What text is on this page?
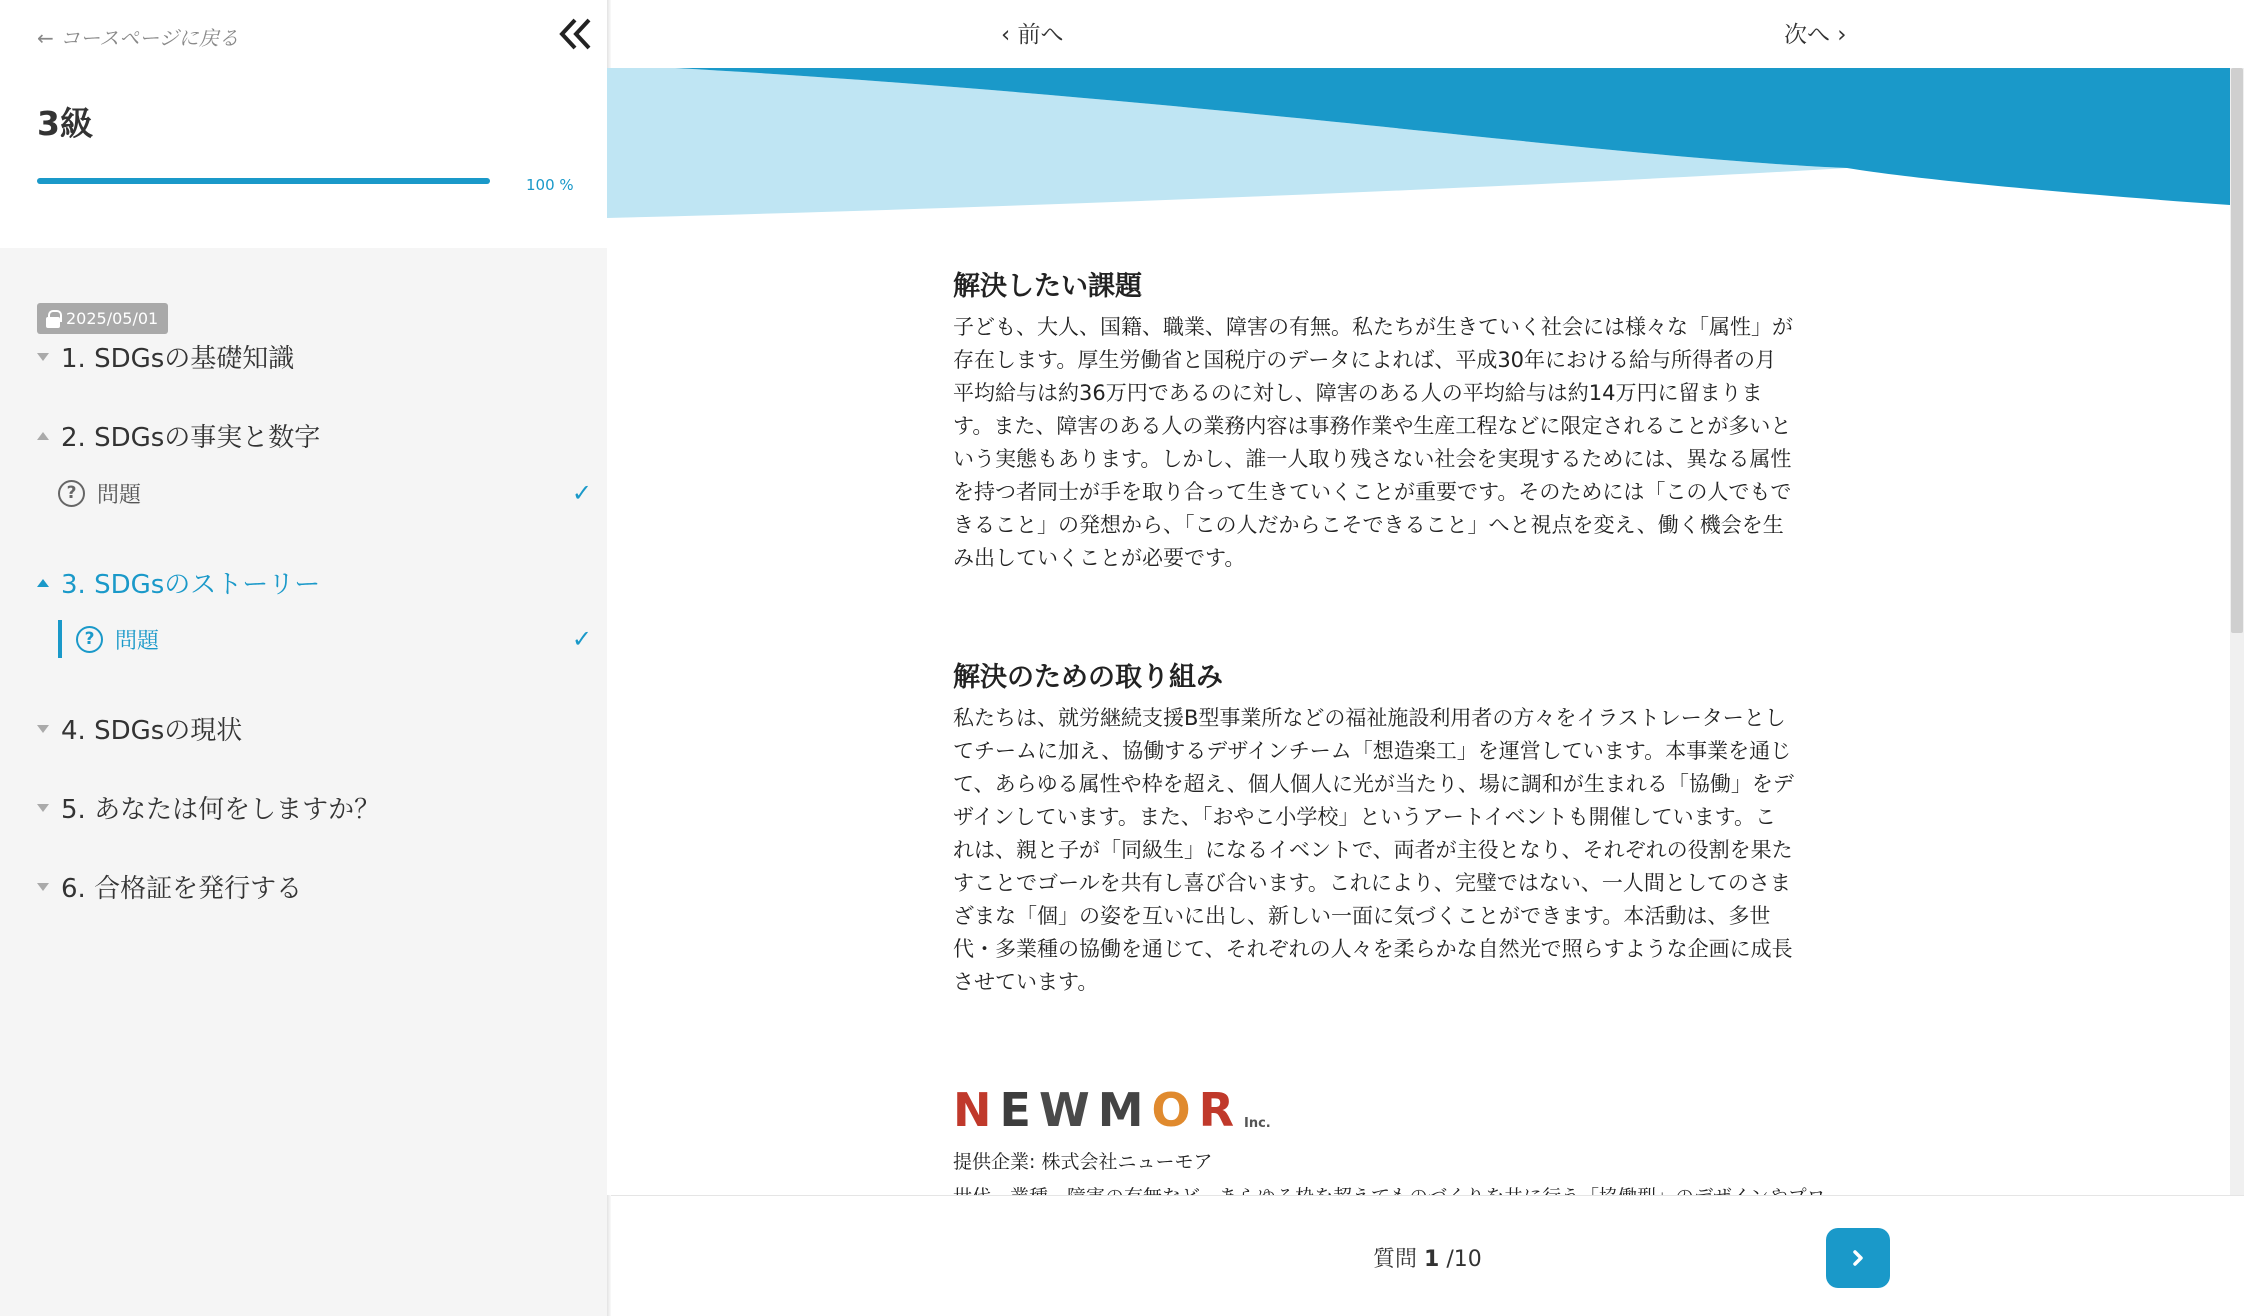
← コースページに戻る
3級
100 %
2025/05/01
1. SDGsの基礎知識
2. SDGsの事実と数字
? 問題	✓
3. SDGsのストーリー
? 問題	✓
4. SDGsの現状
5. あなたは何をしますか？
6. 合格証を発行する
‹ 前へ	次へ ›
解決したい課題
子ども、大人、国籍、職業、障害の有無。私たちが生きていく社会には様々な「属性」が
存在します。厚生労働省と国税庁のデータによれば、平成30年における給与所得者の月
平均給与は約36万円であるのに対し、障害のある人の平均給与は約14万円に留まりま
す。また、障害のある人の業務内容は事務作業や生産工程などに限定されることが多いと
いう実態もあります。しかし、誰一人取り残さない社会を実現するためには、異なる属性
を持つ者同士が手を取り合って生きていくことが重要です。そのためには「この人でもで
きること」の発想から、「この人だからこそできること」へと視点を変え、働く機会を生
み出していくことが必要です。
解決のための取り組み
私たちは、就労継続支援B型事業所などの福祉施設利用者の方々をイラストレーターとし
てチームに加え、協働するデザインチーム「想造楽工」を運営しています。本事業を通じ
て、あらゆる属性や枠を超え、個人個人に光が当たり、場に調和が生まれる「協働」をデ
ザインしています。また、「おやこ小学校」というアートイベントも開催しています。こ
れは、親と子が「同級生」になるイベントで、両者が主役となり、それぞれの役割を果た
すことでゴールを共有し喜び合います。これにより、完璧ではない、一人間としてのさま
ざまな「個」の姿を互いに出し、新しい一面に気づくことができます。本活動は、多世
代・多業種の協働を通じて、それぞれの人々を柔らかな自然光で照らすような企画に成長
させています。
N E W M O R Inc.
提供企業: 株式会社ニューモア
質問 1 /10
